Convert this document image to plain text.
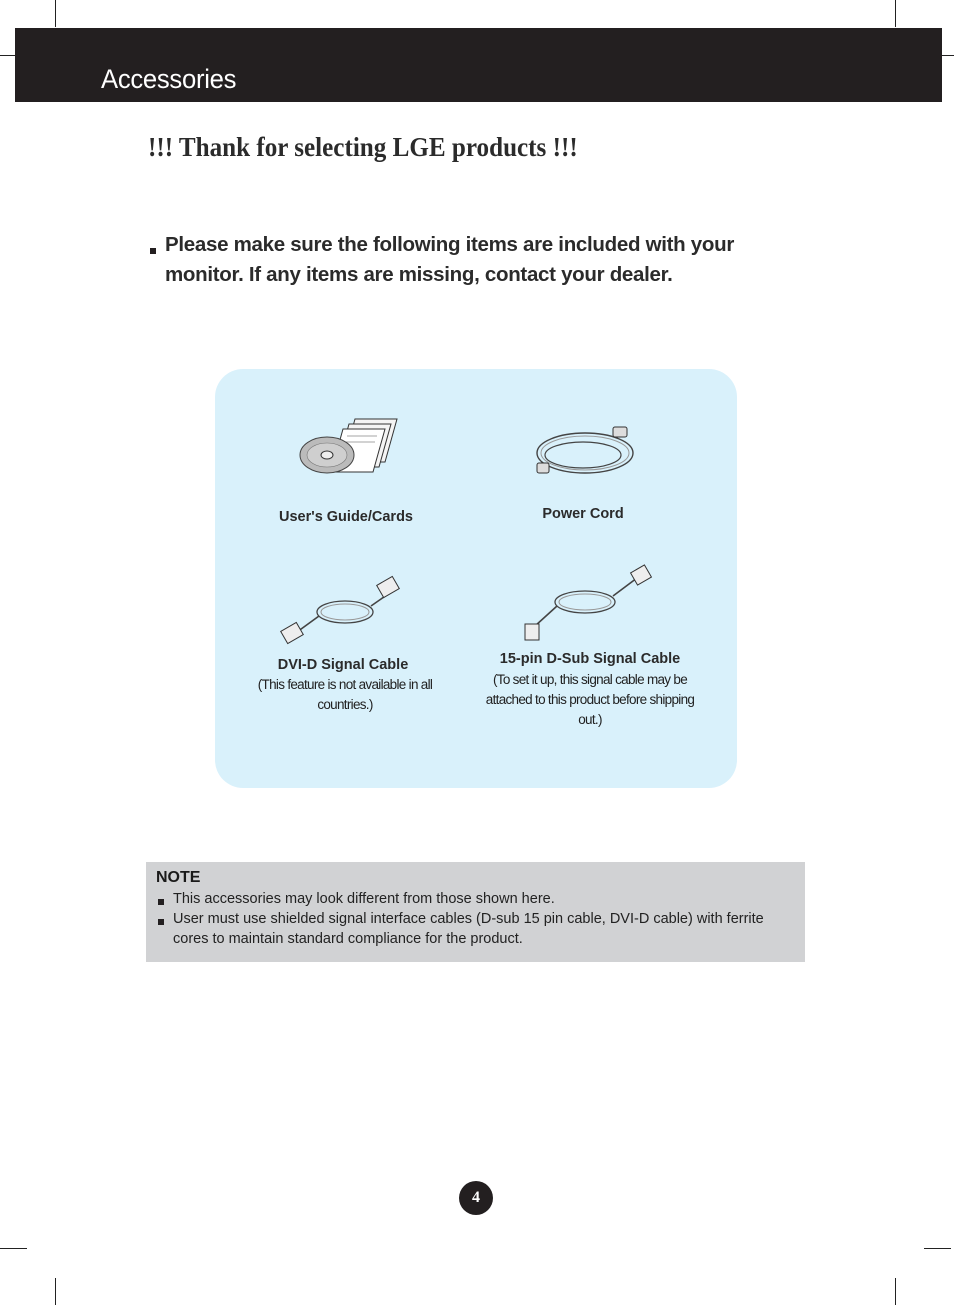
Accessories
!!! Thank for selecting LGE products !!!
Please make sure the following items are included with your monitor. If any items are missing, contact your dealer.
User's Guide/Cards	Power Cord
DVI-D Signal Cable
(This feature is not available in all countries.)
15-pin D-Sub Signal Cable
(To set it up, this signal cable may be attached to this product before shipping out.)
NOTE
This accessories may look different from those shown here.
User must use shielded signal interface cables (D-sub 15 pin cable, DVI-D cable) with ferrite cores to maintain standard compliance for the product.
4
